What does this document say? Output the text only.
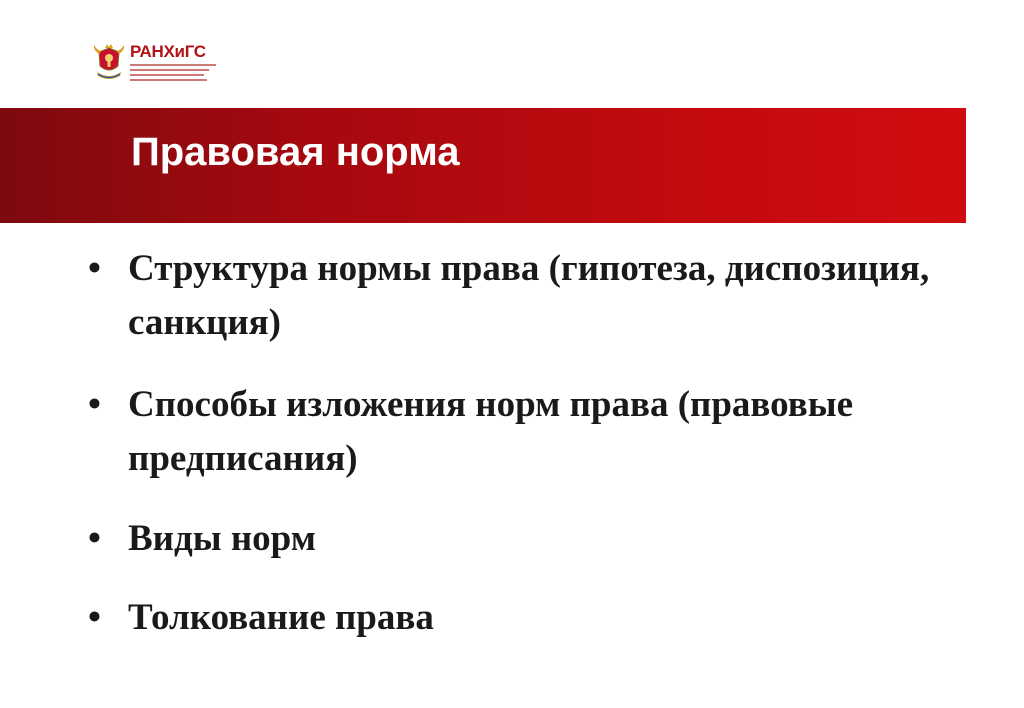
РАНХиГС
Правовая норма
• Структура нормы права (гипотеза, диспозиция, санкция)
• Способы изложения норм права (правовые предписания)
• Виды норм
• Толкование права
